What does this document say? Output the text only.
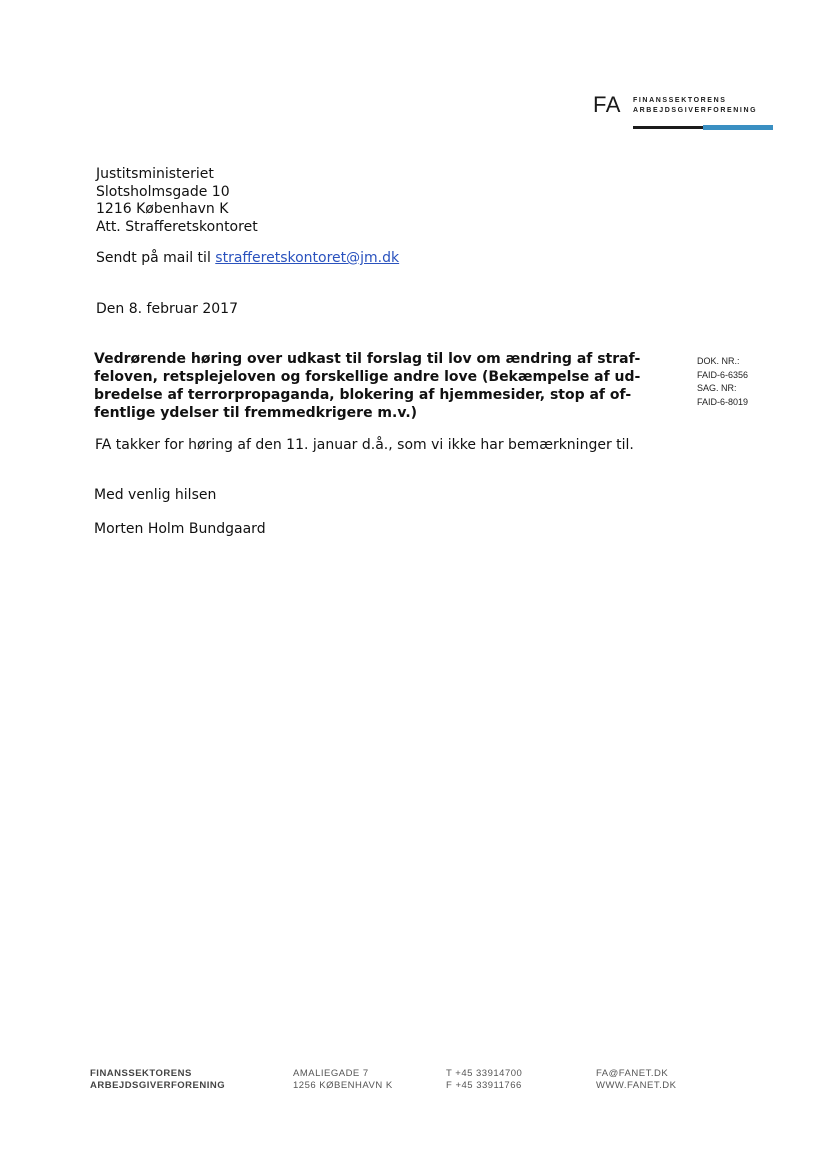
FA FINANSSEKTORENS
ARBEJDSGIVERFORENING
Justitsministeriet
Slotsholmsgade 10
1216 København K
Att. Strafferetskontoret
Sendt på mail til strafferetskontoret@jm.dk
Den 8. februar 2017
Vedrørende høring over udkast til forslag til lov om ændring af straf-
feloven, retsplejeloven og forskellige andre love (Bekæmpelse af ud-
bredelse af terrorpropaganda, blokering af hjemmesider, stop af of-
fentlige ydelser til fremmedkrigere m.v.)
DOK. NR.:
FAID-6-6356
SAG. NR:
FAID-6-8019
FA takker for høring af den 11. januar d.å., som vi ikke har bemærkninger til.
Med venlig hilsen
Morten Holm Bundgaard
FINANSSEKTORENS
ARBEJDSGIVERFORENING
AMALIEGADE 7
1256 KØBENHAVN K
T +45 33914700
F +45 33911766
FA@FANET.DK
WWW.FANET.DK
